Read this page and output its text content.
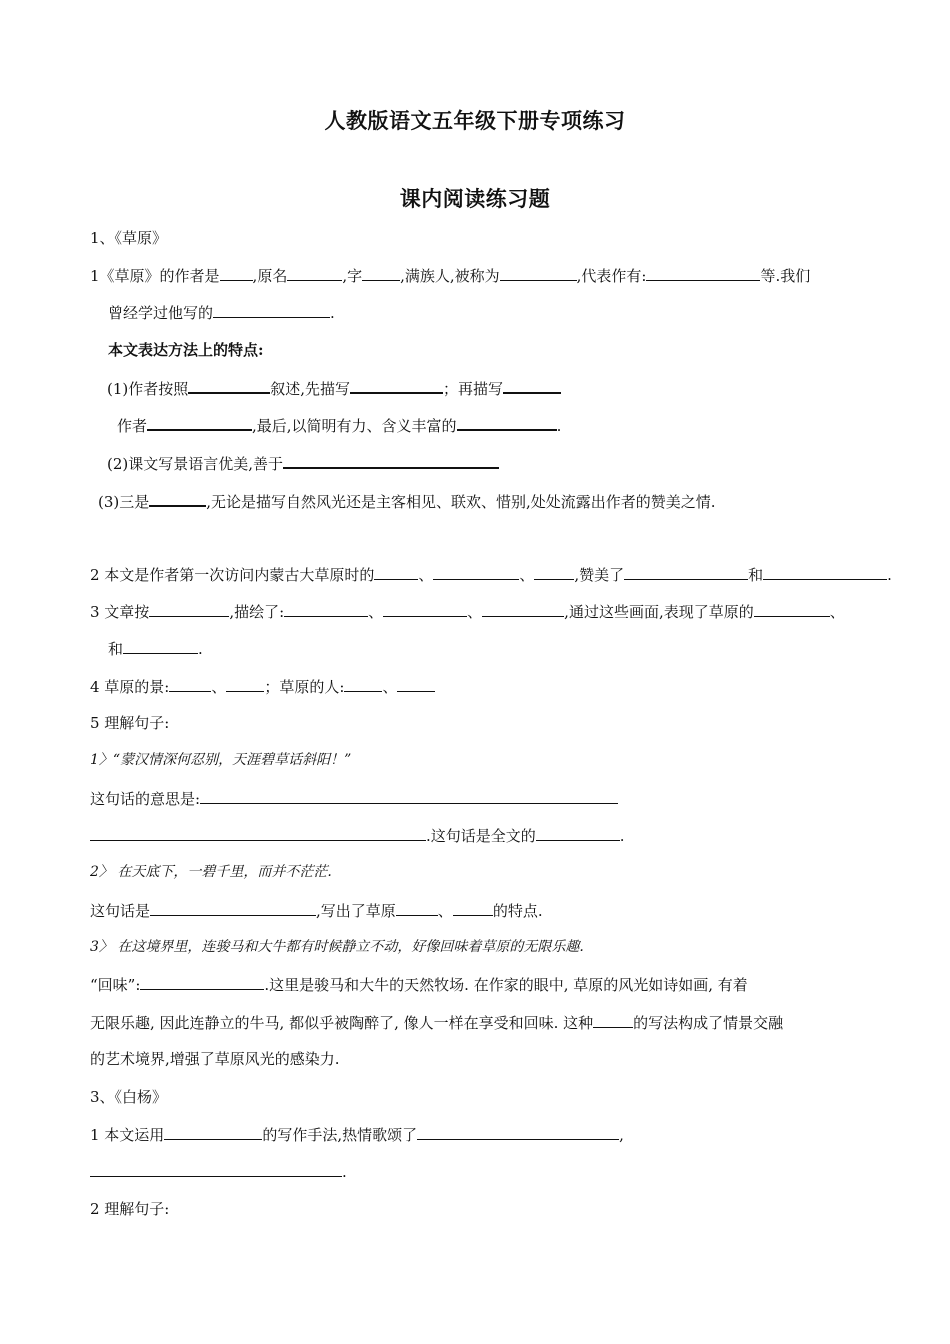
人教版语文五年级下册专项练习
课内阅读练习题
1、《草原》
1《草原》的作者是 ,原名	,字	,满族人,被称为	,代表作有:	等.我们
曾经学过他写的	.
本文表达方法上的特点:
(1)作者按照	叙述,先描写	；再描写
作者	,最后,以简明有力、含义丰富的	.
(2)课文写景语言优美,善于
(3)三是	,无论是描写自然风光还是主客相见、联欢、惜别,处处流露出作者的赞美之情.
2 本文是作者第一次访问内蒙古大草原时的	、	、	,赞美了	和	.
3 文章按	,描绘了:	、	、	,通过这些画面,表现了草原的	、
和	.
4 草原的景:	、	；草原的人:	、
5 理解句子:
1〉“蒙汉情深何忍别，天涯碧草话斜阳！”
这句话的意思是:
.这句话是全文的	.
2〉 在天底下，一碧千里，而并不茫茫.
这句话是	,写出了草原	、	的特点.
3〉 在这境界里，连骏马和大牛都有时候静立不动，好像回味着草原的无限乐趣.
“回味”:	.这里是骏马和大牛的天然牧场. 在作家的眼中, 草原的风光如诗如画, 有着
无限乐趣, 因此连静立的牛马, 都似乎被陶醉了, 像人一样在享受和回味. 这种	的写法构成了情景交融
的艺术境界,增强了草原风光的感染力.
3、《白杨》
1 本文运用	的写作手法,热情歌颂了	,
.
2 理解句子:
